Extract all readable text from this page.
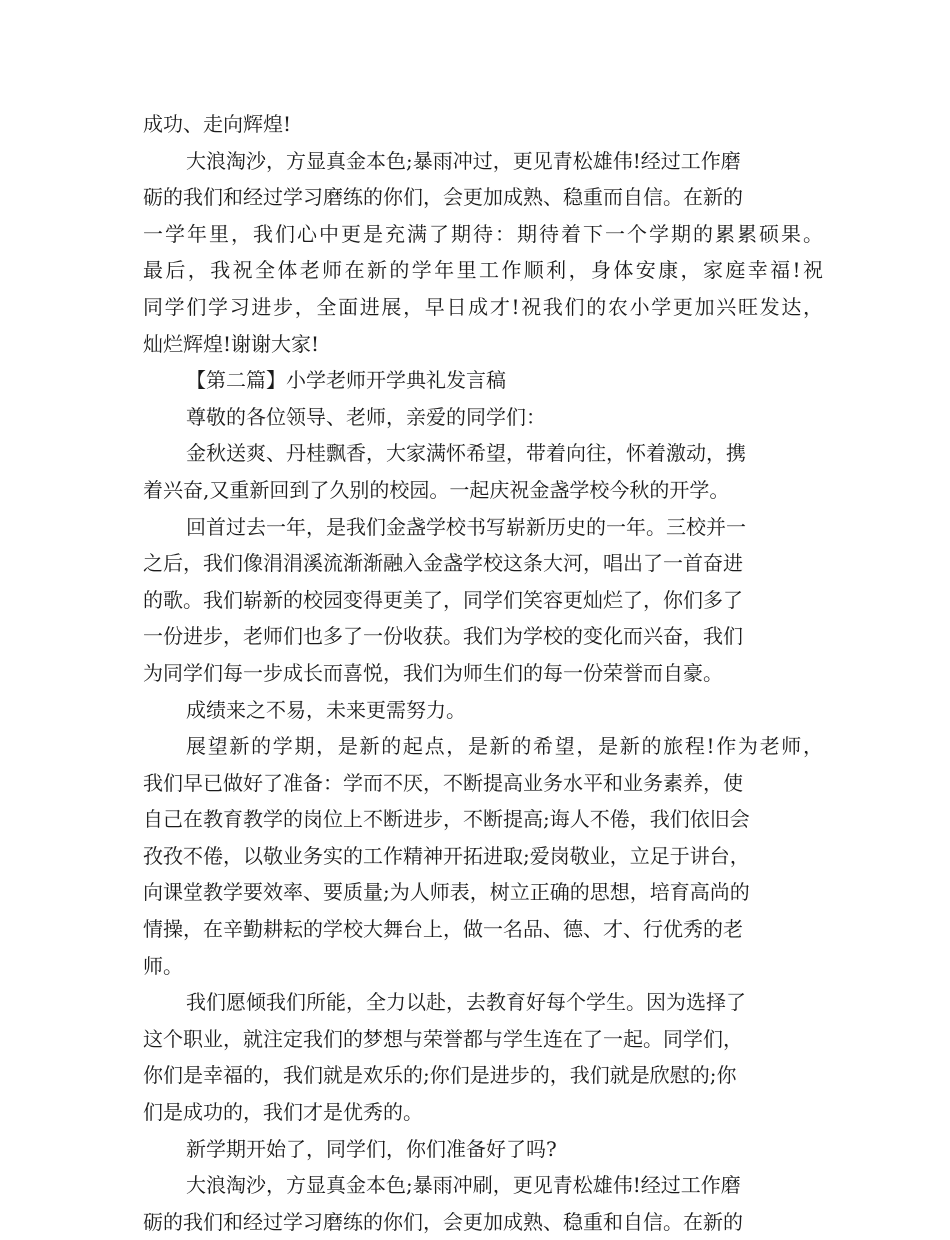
成功、走向辉煌!
大浪淘沙，方显真金本色;暴雨冲过，更见青松雄伟!经过工作磨
砺的我们和经过学习磨练的你们，会更加成熟、稳重而自信。在新的
一学年里，我们心中更是充满了期待：期待着下一个学期的累累硕果。
最后，我祝全体老师在新的学年里工作顺利，身体安康，家庭幸福!祝
同学们学习进步，全面进展，早日成才!祝我们的农小学更加兴旺发达，
灿烂辉煌!谢谢大家!
【第二篇】小学老师开学典礼发言稿
尊敬的各位领导、老师，亲爱的同学们：
金秋送爽、丹桂飘香，大家满怀希望，带着向往，怀着激动，携
着兴奋,又重新回到了久别的校园。一起庆祝金盏学校今秋的开学。
回首过去一年，是我们金盏学校书写崭新历史的一年。三校并一
之后，我们像涓涓溪流渐渐融入金盏学校这条大河，唱出了一首奋进
的歌。我们崭新的校园变得更美了，同学们笑容更灿烂了，你们多了
一份进步，老师们也多了一份收获。我们为学校的变化而兴奋，我们
为同学们每一步成长而喜悦，我们为师生们的每一份荣誉而自豪。
成绩来之不易，未来更需努力。
展望新的学期，是新的起点，是新的希望，是新的旅程!作为老师，
我们早已做好了准备：学而不厌，不断提高业务水平和业务素养，使
自己在教育教学的岗位上不断进步，不断提高;诲人不倦，我们依旧会
孜孜不倦，以敬业务实的工作精神开拓进取;爱岗敬业，立足于讲台，
向课堂教学要效率、要质量;为人师表，树立正确的思想，培育高尚的
情操，在辛勤耕耘的学校大舞台上，做一名品、德、才、行优秀的老
师。
我们愿倾我们所能，全力以赴，去教育好每个学生。因为选择了
这个职业，就注定我们的梦想与荣誉都与学生连在了一起。同学们，
你们是幸福的，我们就是欢乐的;你们是进步的，我们就是欣慰的;你
们是成功的，我们才是优秀的。
新学期开始了，同学们，你们准备好了吗?
大浪淘沙，方显真金本色;暴雨冲刷，更见青松雄伟!经过工作磨
砺的我们和经过学习磨练的你们，会更加成熟、稳重和自信。在新的
